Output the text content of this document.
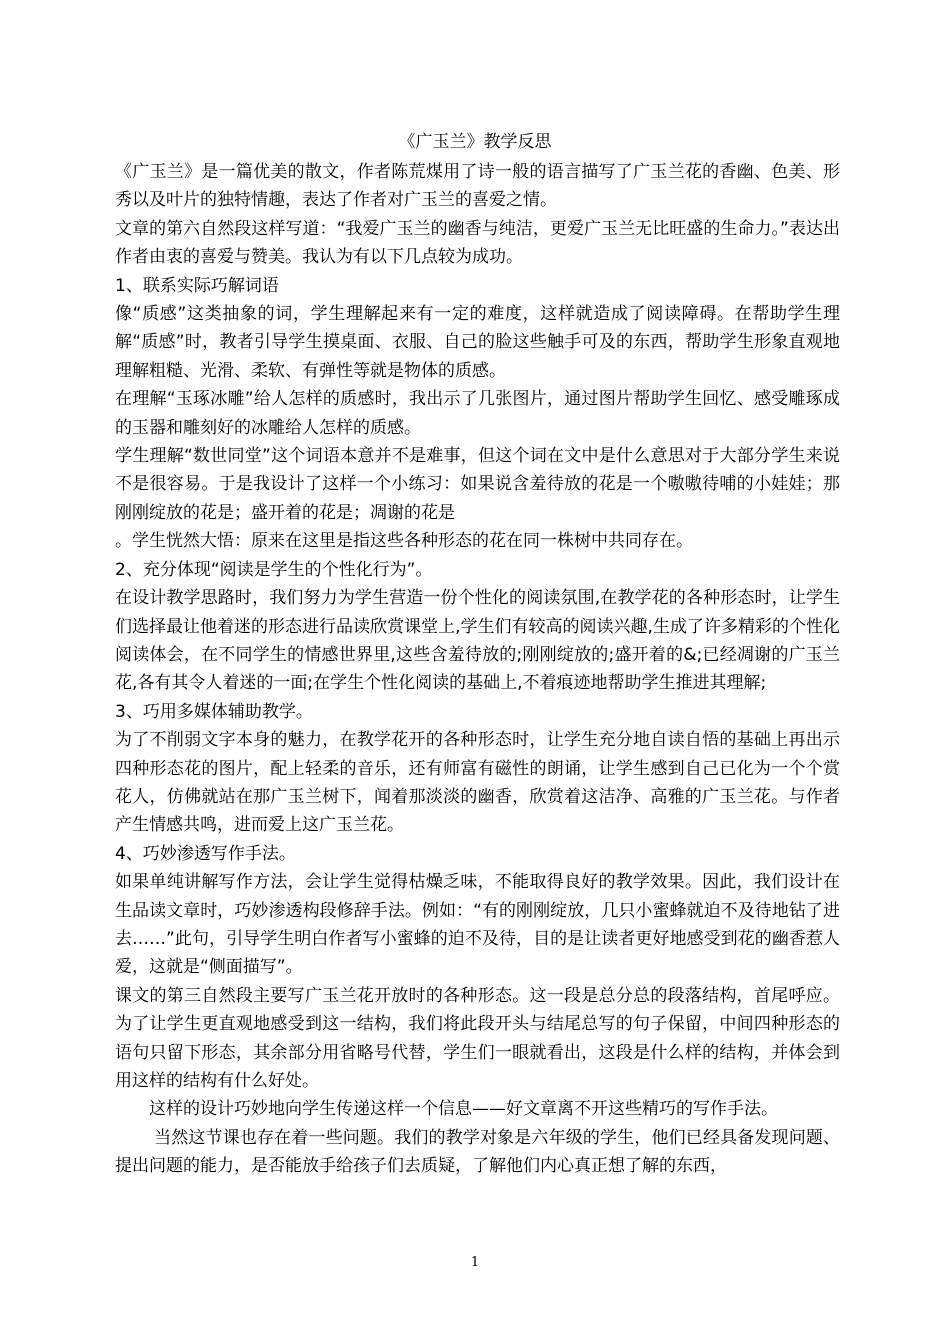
《广玉兰》教学反思

《广玉兰》是一篇优美的散文，作者陈荒煤用了诗一般的语言描写了广玉兰花的香幽、色美、形秀以及叶片的独特情趣，表达了作者对广玉兰的喜爱之情。

文章的第六自然段这样写道：“我爱广玉兰的幽香与纯洁，更爱广玉兰无比旺盛的生命力。”表达出作者由衷的喜爱与赞美。我认为有以下几点较为成功。

1、联系实际巧解词语

像“质感”这类抽象的词，学生理解起来有一定的难度，这样就造成了阅读障碍。在帮助学生理解“质感”时，教者引导学生摸桌面、衣服、自己的脸这些触手可及的东西，帮助学生形象直观地理解粗糙、光滑、柔软、有弹性等就是物体的质感。

在理解“玉琢冰雕”给人怎样的质感时，我出示了几张图片，通过图片帮助学生回忆、感受雕琢成的玉器和雕刻好的冰雕给人怎样的质感。

学生理解“数世同堂”这个词语本意并不是难事，但这个词在文中是什么意思对于大部分学生来说不是很容易。于是我设计了这样一个小练习：如果说含羞待放的花是一个嗷嗷待哺的小娃娃；那刚刚绽放的花是；盛开着的花是；凋谢的花是

。学生恍然大悟：原来在这里是指这些各种形态的花在同一株树中共同存在。

2、充分体现“阅读是学生的个性化行为”。

在设计教学思路时，我们努力为学生营造一份个性化的阅读氛围,在教学花的各种形态时，让学生们选择最让他着迷的形态进行品读欣赏课堂上,学生们有较高的阅读兴趣,生成了许多精彩的个性化阅读体会，在不同学生的情感世界里,这些含羞待放的;刚刚绽放的;盛开着的&;已经凋谢的广玉兰花,各有其令人着迷的一面;在学生个性化阅读的基础上,不着痕迹地帮助学生推进其理解;

3、巧用多媒体辅助教学。

为了不削弱文字本身的魅力，在教学花开的各种形态时，让学生充分地自读自悟的基础上再出示四种形态花的图片，配上轻柔的音乐，还有师富有磁性的朗诵，让学生感到自己已化为一个个赏花人，仿佛就站在那广玉兰树下，闻着那淡淡的幽香，欣赏着这洁净、高雅的广玉兰花。与作者产生情感共鸣，进而爱上这广玉兰花。

4、巧妙渗透写作手法。

如果单纯讲解写作方法，会让学生觉得枯燥乏味，不能取得良好的教学效果。因此，我们设计在生品读文章时，巧妙渗透构段修辞手法。例如：“有的刚刚绽放，几只小蜜蜂就迫不及待地钻了进去……”此句，引导学生明白作者写小蜜蜂的迫不及待，目的是让读者更好地感受到花的幽香惹人爱，这就是“侧面描写”。

课文的第三自然段主要写广玉兰花开放时的各种形态。这一段是总分总的段落结构，首尾呼应。为了让学生更直观地感受到这一结构，我们将此段开头与结尾总写的句子保留，中间四种形态的语句只留下形态，其余部分用省略号代替，学生们一眼就看出，这段是什么样的结构，并体会到用这样的结构有什么好处。

这样的设计巧妙地向学生传递这样一个信息——好文章离不开这些精巧的写作手法。

当然这节课也存在着一些问题。我们的教学对象是六年级的学生，他们已经具备发现问题、提出问题的能力，是否能放手给孩子们去质疑，了解他们内心真正想了解的东西，

1
